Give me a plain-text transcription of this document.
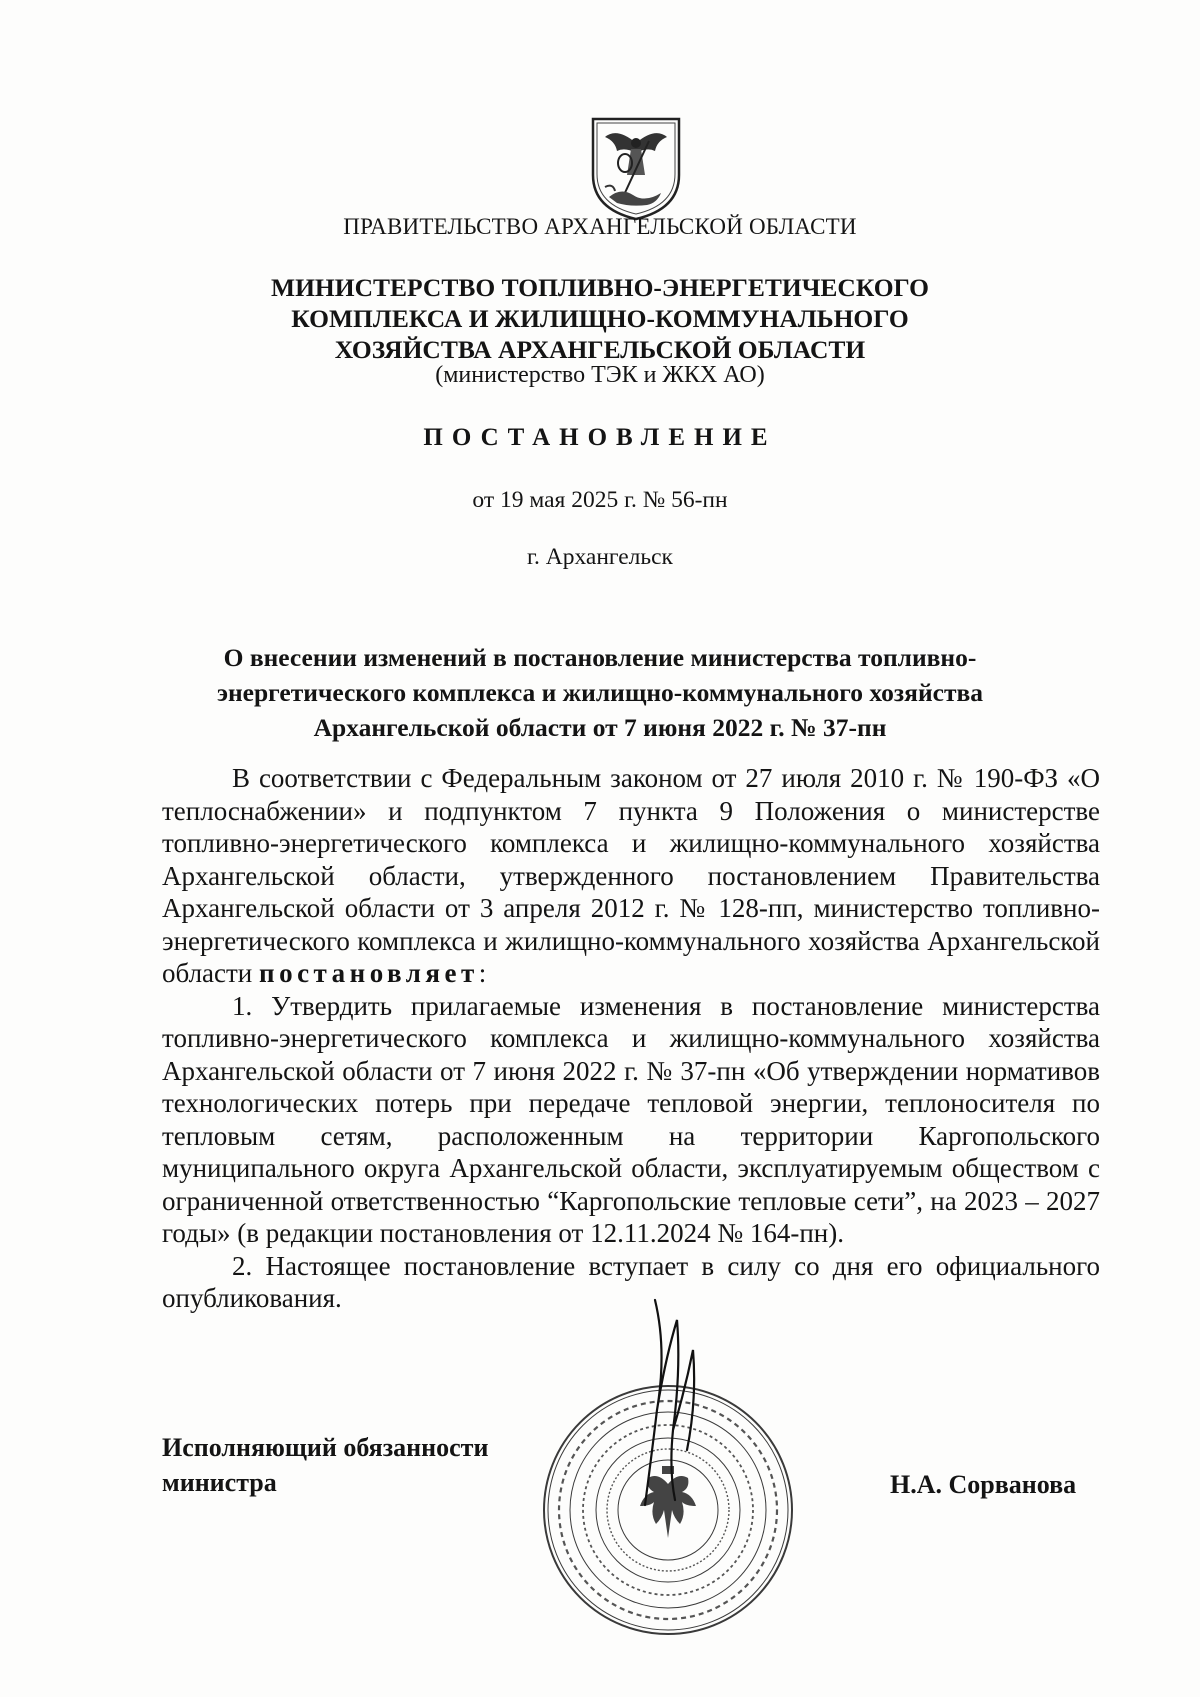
ПРАВИТЕЛЬСТВО АРХАНГЕЛЬСКОЙ ОБЛАСТИ
МИНИСТЕРСТВО ТОПЛИВНО-ЭНЕРГЕТИЧЕСКОГО
КОМПЛЕКСА И ЖИЛИЩНО-КОММУНАЛЬНОГО
ХОЗЯЙСТВА АРХАНГЕЛЬСКОЙ ОБЛАСТИ
(министерство ТЭК и ЖКХ АО)
ПОСТАНОВЛЕНИЕ
от 19 мая 2025 г. № 56-пн
г. Архангельск
О внесении изменений в постановление министерства топливно-
энергетического комплекса и жилищно-коммунального хозяйства
Архангельской области от 7 июня 2022 г. № 37-пн

В соответствии с Федеральным законом от 27 июля 2010 г. № 190-ФЗ «О теплоснабжении» и подпунктом 7 пункта 9 Положения о министерстве топливно-энергетического комплекса и жилищно-коммунального хозяйства Архангельской области, утвержденного постановлением Правительства Архангельской области от 3 апреля 2012 г. № 128-пп, министерство топливно-энергетического комплекса и жилищно-коммунального хозяйства Архангельской области постановляет:

1. Утвердить прилагаемые изменения в постановление министерства топливно-энергетического комплекса и жилищно-коммунального хозяйства Архангельской области от 7 июня 2022 г. № 37-пн «Об утверждении нормативов технологических потерь при передаче тепловой энергии, теплоносителя по тепловым сетям, расположенным на территории Каргопольского муниципального округа Архангельской области, эксплуатируемым обществом с ограниченной ответственностью “Каргопольские тепловые сети”, на 2023 – 2027 годы» (в редакции постановления от 12.11.2024 № 164-пн).

2. Настоящее постановление вступает в силу со дня его официального опубликования.

Исполняющий обязанности
министра	Н.А. Сорванова
